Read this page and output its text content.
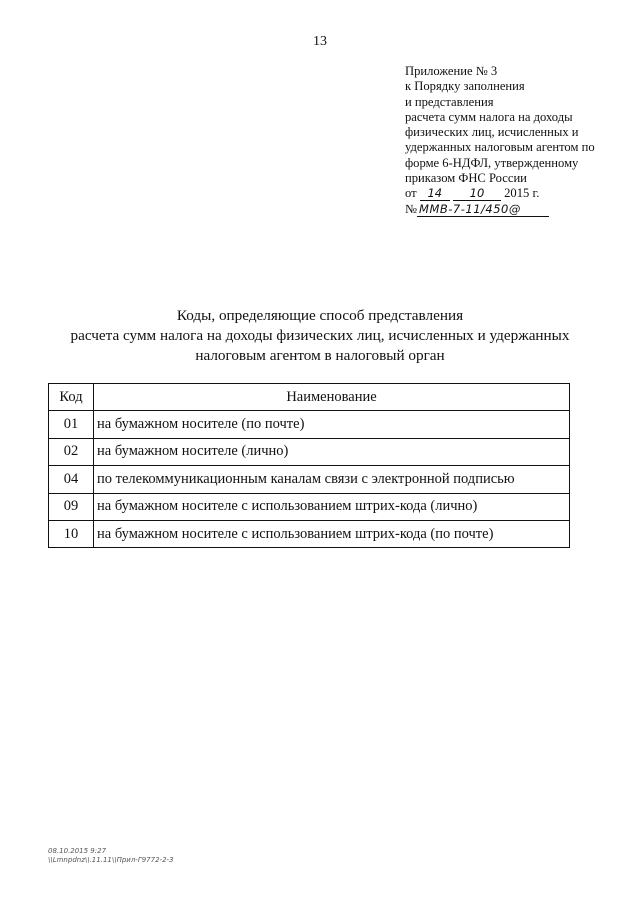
13
Приложение № 3
к Порядку заполнения
и представления
расчета сумм налога на доходы
физических лиц, исчисленных и
удержанных налоговым агентом по
форме 6-НДФЛ, утвержденному
приказом ФНС России
от 14 10 2015 г.
№ ММВ-7-11/450@
Коды, определяющие способ представления
расчета сумм налога на доходы физических лиц, исчисленных и удержанных
налоговым агентом в налоговый орган
Код	Наименование
01	на бумажном носителе (по почте)
02	на бумажном носителе (лично)
04	по телекоммуникационным каналам связи с электронной подписью
09	на бумажном носителе с использованием штрих-кода (лично)
10	на бумажном носителе с использованием штрих-кода (по почте)
08.10.2015 9:27
\\Lmnpdnz\\.11.11\\Прил-Г9772-2-3
